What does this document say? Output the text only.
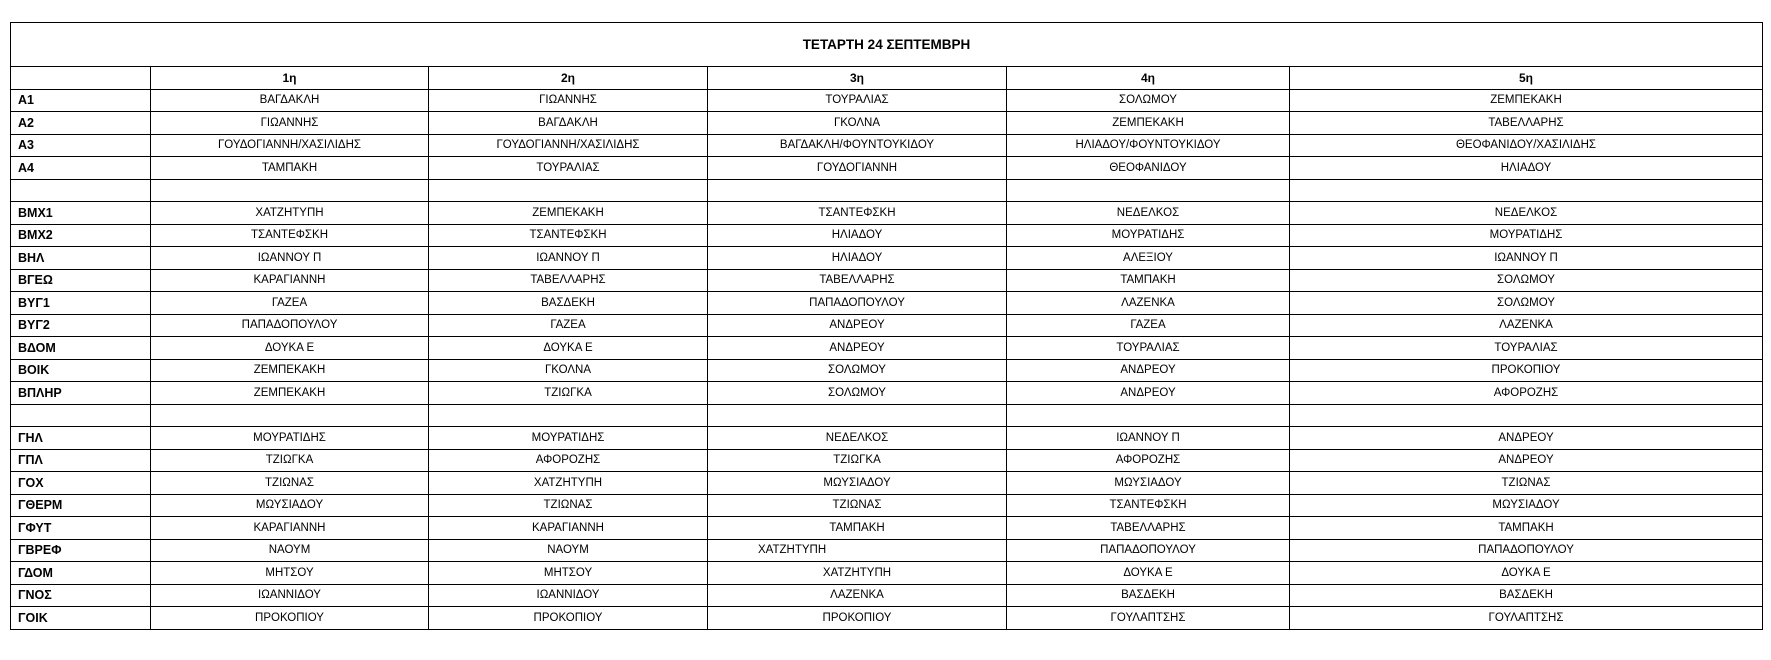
ΤΕΤΑΡΤΗ 24 ΣΕΠΤΕΜΒΡΗ					
	1η	2η	3η	4η	5η
Α1	ΒΑΓΔΑΚΛΗ	ΓΙΩΑΝΝΗΣ	ΤΟΥΡΑΛΙΑΣ	ΣΟΛΩΜΟΥ	ΖΕΜΠΕΚΑΚΗ
Α2	ΓΙΩΑΝΝΗΣ	ΒΑΓΔΑΚΛΗ	ΓΚΟΛΝΑ	ΖΕΜΠΕΚΑΚΗ	ΤΑΒΕΛΛΑΡΗΣ
Α3	ΓΟΥΔΟΓΙΑΝΝΗ/ΧΑΣΙΛΙΔΗΣ	ΓΟΥΔΟΓΙΑΝΝΗ/ΧΑΣΙΛΙΔΗΣ	ΒΑΓΔΑΚΛΗ/ΦΟΥΝΤΟΥΚΙΔΟΥ	ΗΛΙΑΔΟΥ/ΦΟΥΝΤΟΥΚΙΔΟΥ	ΘΕΟΦΑΝΙΔΟΥ/ΧΑΣΙΛΙΔΗΣ
Α4	ΤΑΜΠΑΚΗ	ΤΟΥΡΑΛΙΑΣ	ΓΟΥΔΟΓΙΑΝΝΗ	ΘΕΟΦΑΝΙΔΟΥ	ΗΛΙΑΔΟΥ

ΒΜΧ1	ΧΑΤΖΗΤΥΠΗ	ΖΕΜΠΕΚΑΚΗ	ΤΣΑΝΤΕΦΣΚΗ	ΝΕΔΕΛΚΟΣ	ΝΕΔΕΛΚΟΣ
ΒΜΧ2	ΤΣΑΝΤΕΦΣΚΗ	ΤΣΑΝΤΕΦΣΚΗ	ΗΛΙΑΔΟΥ	ΜΟΥΡΑΤΙΔΗΣ	ΜΟΥΡΑΤΙΔΗΣ
ΒΗΛ	ΙΩΑΝΝΟΥ Π	ΙΩΑΝΝΟΥ Π	ΗΛΙΑΔΟΥ	ΑΛΕΞΙΟΥ	ΙΩΑΝΝΟΥ Π
ΒΓΕΩ	ΚΑΡΑΓΙΑΝΝΗ	ΤΑΒΕΛΛΑΡΗΣ	ΤΑΒΕΛΛΑΡΗΣ	ΤΑΜΠΑΚΗ	ΣΟΛΩΜΟΥ
ΒΥΓ1	ΓΑΖΕΑ	ΒΑΣΔΕΚΗ	ΠΑΠΑΔΟΠΟΥΛΟΥ	ΛΑΖΕΝΚΑ	ΣΟΛΩΜΟΥ
ΒΥΓ2	ΠΑΠΑΔΟΠΟΥΛΟΥ	ΓΑΖΕΑ	ΑΝΔΡΕΟΥ	ΓΑΖΕΑ	ΛΑΖΕΝΚΑ
ΒΔΟΜ	ΔΟΥΚΑ Ε	ΔΟΥΚΑ Ε	ΑΝΔΡΕΟΥ	ΤΟΥΡΑΛΙΑΣ	ΤΟΥΡΑΛΙΑΣ
ΒΟΙΚ	ΖΕΜΠΕΚΑΚΗ	ΓΚΟΛΝΑ	ΣΟΛΩΜΟΥ	ΑΝΔΡΕΟΥ	ΠΡΟΚΟΠΙΟΥ
ΒΠΛΗΡ	ΖΕΜΠΕΚΑΚΗ	ΤΖΙΩΓΚΑ	ΣΟΛΩΜΟΥ	ΑΝΔΡΕΟΥ	ΑΦΟΡΟΖΗΣ

ΓΗΛ	ΜΟΥΡΑΤΙΔΗΣ	ΜΟΥΡΑΤΙΔΗΣ	ΝΕΔΕΛΚΟΣ	ΙΩΑΝΝΟΥ Π	ΑΝΔΡΕΟΥ
ΓΠΛ	ΤΖΙΩΓΚΑ	ΑΦΟΡΟΖΗΣ	ΤΖΙΩΓΚΑ	ΑΦΟΡΟΖΗΣ	ΑΝΔΡΕΟΥ
ΓΟΧ	ΤΖΙΩΝΑΣ	ΧΑΤΖΗΤΥΠΗ	ΜΩΥΣΙΑΔΟΥ	ΜΩΥΣΙΑΔΟΥ	ΤΖΙΩΝΑΣ
ΓΘΕΡΜ	ΜΩΥΣΙΑΔΟΥ	ΤΖΙΩΝΑΣ	ΤΖΙΩΝΑΣ	ΤΣΑΝΤΕΦΣΚΗ	ΜΩΥΣΙΑΔΟΥ
ΓΦΥΤ	ΚΑΡΑΓΙΑΝΝΗ	ΚΑΡΑΓΙΑΝΝΗ	ΤΑΜΠΑΚΗ	ΤΑΒΕΛΛΑΡΗΣ	ΤΑΜΠΑΚΗ
ΓΒΡΕΦ	ΝΑΟΥΜ	ΝΑΟΥΜ	ΧΑΤΖΗΤΥΠΗ	ΠΑΠΑΔΟΠΟΥΛΟΥ	ΠΑΠΑΔΟΠΟΥΛΟΥ
ΓΔΟΜ	ΜΗΤΣΟΥ	ΜΗΤΣΟΥ	ΧΑΤΖΗΤΥΠΗ	ΔΟΥΚΑ Ε	ΔΟΥΚΑ Ε
ΓΝΟΣ	ΙΩΑΝΝΙΔΟΥ	ΙΩΑΝΝΙΔΟΥ	ΛΑΖΕΝΚΑ	ΒΑΣΔΕΚΗ	ΒΑΣΔΕΚΗ
ΓΟΙΚ	ΠΡΟΚΟΠΙΟΥ	ΠΡΟΚΟΠΙΟΥ	ΠΡΟΚΟΠΙΟΥ	ΓΟΥΛΑΠΤΣΗΣ	ΓΟΥΛΑΠΤΣΗΣ
